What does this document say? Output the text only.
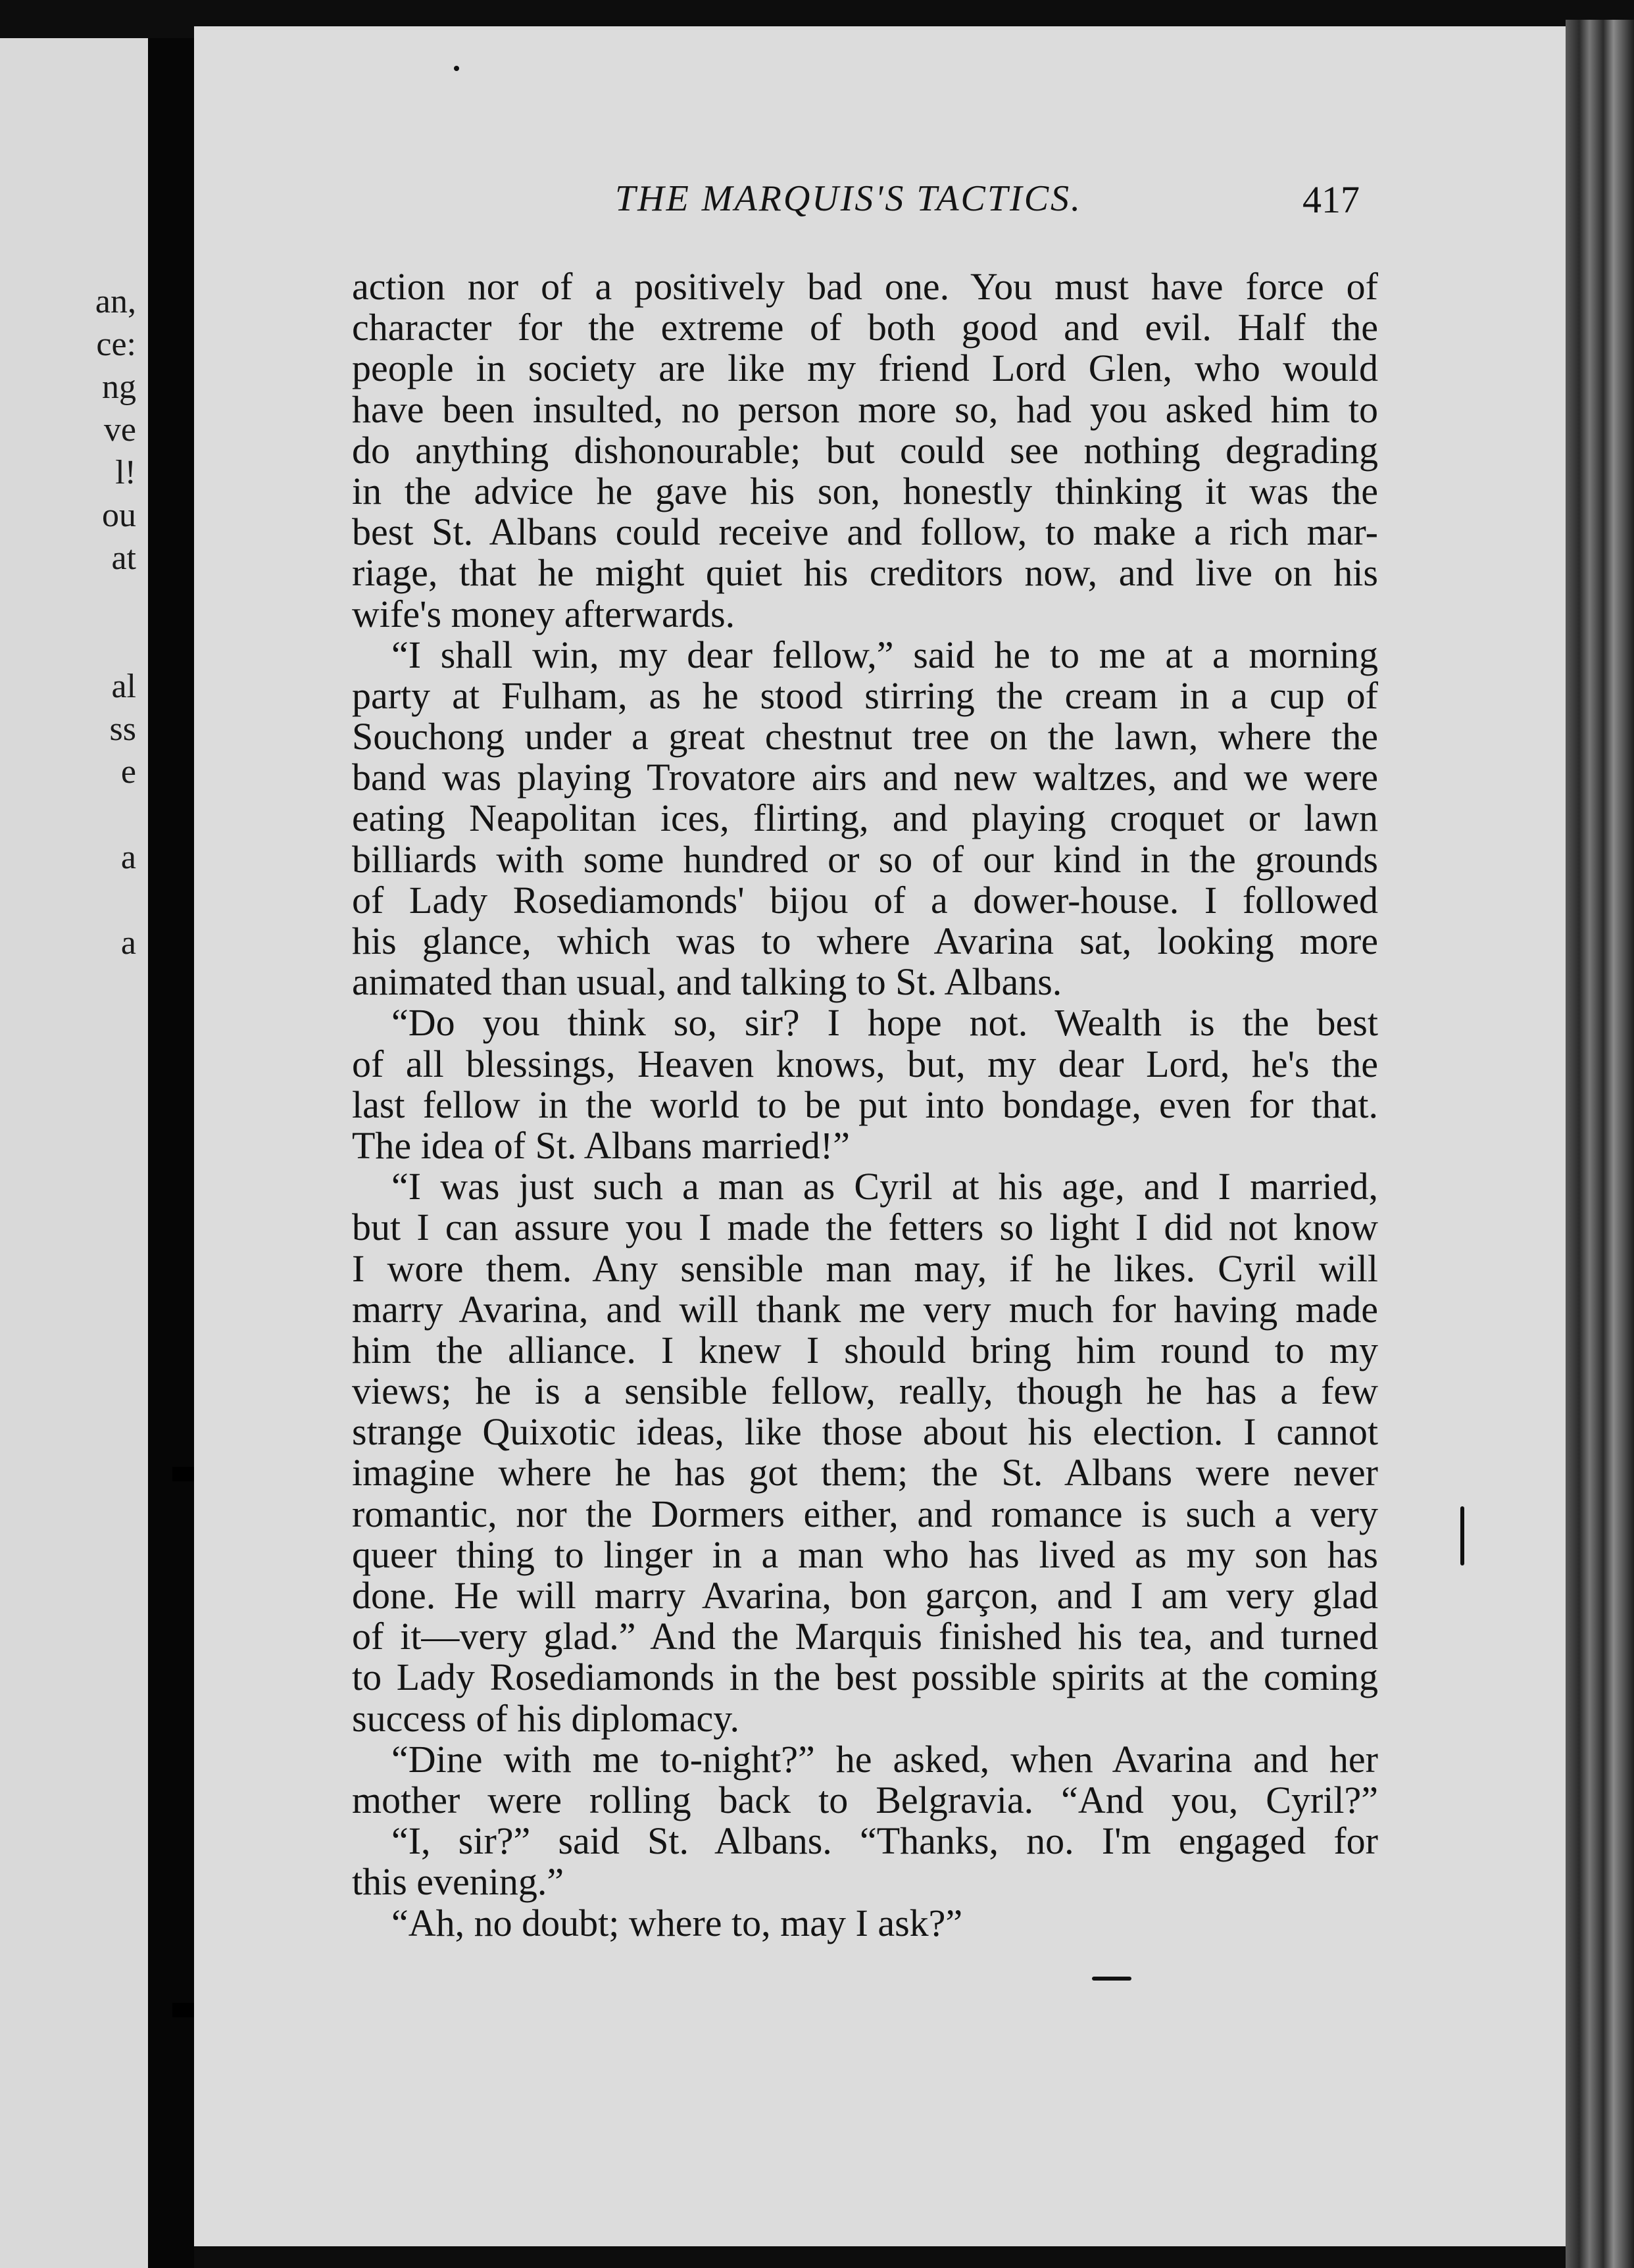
an,
ce:
ng
ve
l!
ou
at
al
ss
e
a
a
THE MARQUIS'S TACTICS.	417
action nor of a positively bad one. You must have force of
character for the extreme of both good and evil. Half the
people in society are like my friend Lord Glen, who would
have been insulted, no person more so, had you asked him to
do anything dishonourable; but could see nothing degrading
in the advice he gave his son, honestly thinking it was the
best St. Albans could receive and follow, to make a rich mar-
riage, that he might quiet his creditors now, and live on his
wife's money afterwards.
“I shall win, my dear fellow,” said he to me at a morning
party at Fulham, as he stood stirring the cream in a cup of
Souchong under a great chestnut tree on the lawn, where the
band was playing Trovatore airs and new waltzes, and we were
eating Neapolitan ices, flirting, and playing croquet or lawn
billiards with some hundred or so of our kind in the grounds
of Lady Rosediamonds' bijou of a dower-house. I followed
his glance, which was to where Avarina sat, looking more
animated than usual, and talking to St. Albans.
“Do you think so, sir? I hope not. Wealth is the best
of all blessings, Heaven knows, but, my dear Lord, he's the
last fellow in the world to be put into bondage, even for that.
The idea of St. Albans married!”
“I was just such a man as Cyril at his age, and I married,
but I can assure you I made the fetters so light I did not know
I wore them. Any sensible man may, if he likes. Cyril will
marry Avarina, and will thank me very much for having made
him the alliance. I knew I should bring him round to my
views; he is a sensible fellow, really, though he has a few
strange Quixotic ideas, like those about his election. I cannot
imagine where he has got them; the St. Albans were never
romantic, nor the Dormers either, and romance is such a very
queer thing to linger in a man who has lived as my son has
done. He will marry Avarina, bon garçon, and I am very glad
of it—very glad.” And the Marquis finished his tea, and turned
to Lady Rosediamonds in the best possible spirits at the coming
success of his diplomacy.
“Dine with me to-night?” he asked, when Avarina and her
mother were rolling back to Belgravia. “And you, Cyril?”
“I, sir?” said St. Albans. “Thanks, no. I'm engaged for
this evening.”
“Ah, no doubt; where to, may I ask?”
